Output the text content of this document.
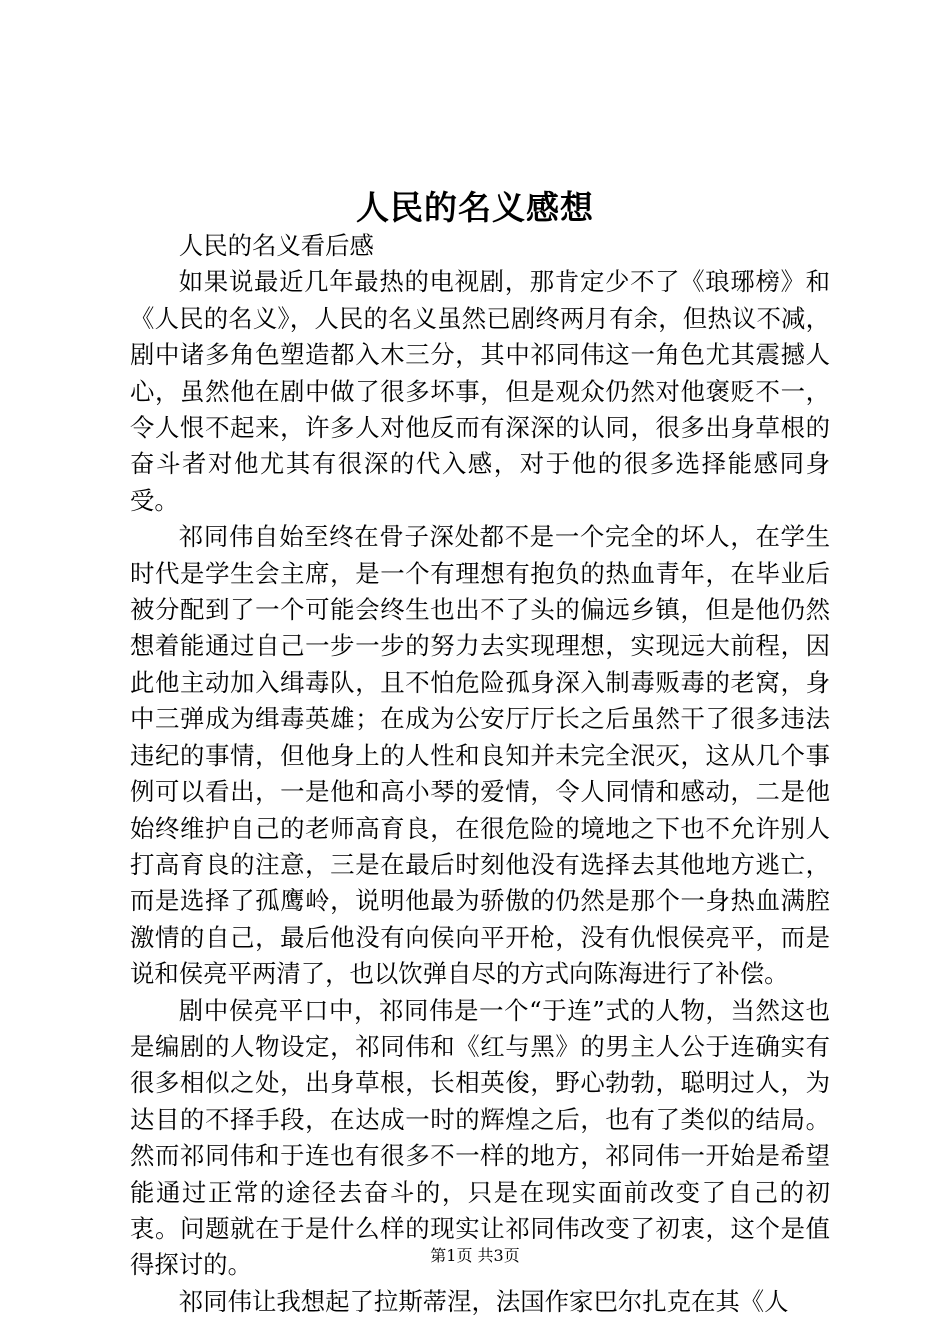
人民的名义感想

人民的名义看后感

如果说最近几年最热的电视剧，那肯定少不了《琅琊榜》和《人民的名义》，人民的名义虽然已剧终两月有余，但热议不减，剧中诸多角色塑造都入木三分，其中祁同伟这一角色尤其震撼人心，虽然他在剧中做了很多坏事，但是观众仍然对他褒贬不一，令人恨不起来，许多人对他反而有深深的认同，很多出身草根的奋斗者对他尤其有很深的代入感，对于他的很多选择能感同身受。

祁同伟自始至终在骨子深处都不是一个完全的坏人，在学生时代是学生会主席，是一个有理想有抱负的热血青年，在毕业后被分配到了一个可能会终生也出不了头的偏远乡镇，但是他仍然想着能通过自己一步一步的努力去实现理想，实现远大前程，因此他主动加入缉毒队，且不怕危险孤身深入制毒贩毒的老窝，身中三弹成为缉毒英雄；在成为公安厅厅长之后虽然干了很多违法违纪的事情，但他身上的人性和良知并未完全泯灭，这从几个事例可以看出，一是他和高小琴的爱情，令人同情和感动，二是他始终维护自己的老师高育良，在很危险的境地之下也不允许别人打高育良的注意，三是在最后时刻他没有选择去其他地方逃亡，而是选择了孤鹰岭，说明他最为骄傲的仍然是那个一身热血满腔激情的自己，最后他没有向侯向平开枪，没有仇恨侯亮平，而是说和侯亮平两清了，也以饮弹自尽的方式向陈海进行了补偿。

剧中侯亮平口中，祁同伟是一个“于连”式的人物，当然这也是编剧的人物设定，祁同伟和《红与黑》的男主人公于连确实有很多相似之处，出身草根，长相英俊，野心勃勃，聪明过人，为达目的不择手段，在达成一时的辉煌之后，也有了类似的结局。然而祁同伟和于连也有很多不一样的地方，祁同伟一开始是希望能通过正常的途径去奋斗的，只是在现实面前改变了自己的初衷。问题就在于是什么样的现实让祁同伟改变了初衷，这个是值得探讨的。

祁同伟让我想起了拉斯蒂涅，法国作家巴尔扎克在其《人

第1页 共3页
